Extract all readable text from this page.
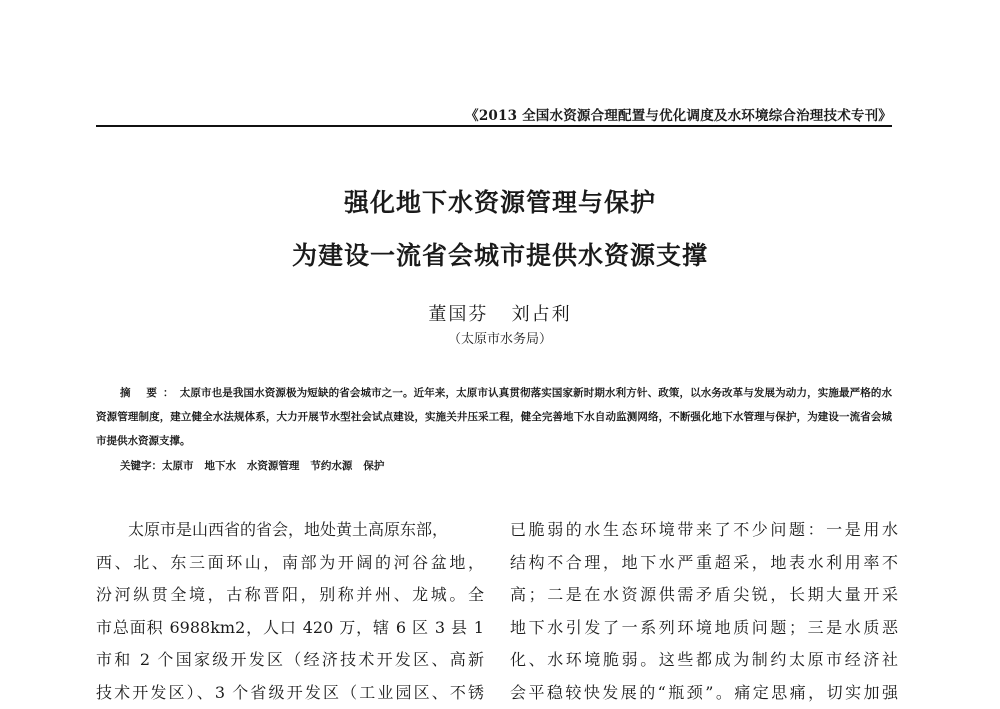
《2013 全国水资源合理配置与优化调度及水环境综合治理技术专刊》
强化地下水资源管理与保护
为建设一流省会城市提供水资源支撑
董国芬   刘占利
（太原市水务局）
摘 要：太原市也是我国水资源极为短缺的省会城市之一。近年来，太原市认真贯彻落实国家新时期水利方针、政策，以水务改革与发展为动力，实施最严格的水资源管理制度，建立健全水法规体系，大力开展节水型社会试点建设，实施关井压采工程，健全完善地下水自动监测网络，不断强化地下水管理与保护，为建设一流省会城市提供水资源支撑。
关键字：太原市   地下水   水资源管理   节约水源   保护
太原市是山西省的省会，地处黄土高原东部，
西、北、东三面环山，南部为开阔的河谷盆地，
汾河纵贯全境，古称晋阳，别称并州、龙城。全
市总面积 6988km2，人口 420 万，辖 6 区 3 县 1
市和 2 个国家级开发区（经济技术开发区、高新
技术开发区）、3 个省级开发区（工业园区、不锈
已脆弱的水生态环境带来了不少问题：一是用水
结构不合理，地下水严重超采，地表水利用率不
高；二是在水资源供需矛盾尖锐，长期大量开采
地下水引发了一系列环境地质问题；三是水质恶
化、水环境脆弱。这些都成为制约太原市经济社
会平稳较快发展的“瓶颈”。痛定思痛，切实加强
